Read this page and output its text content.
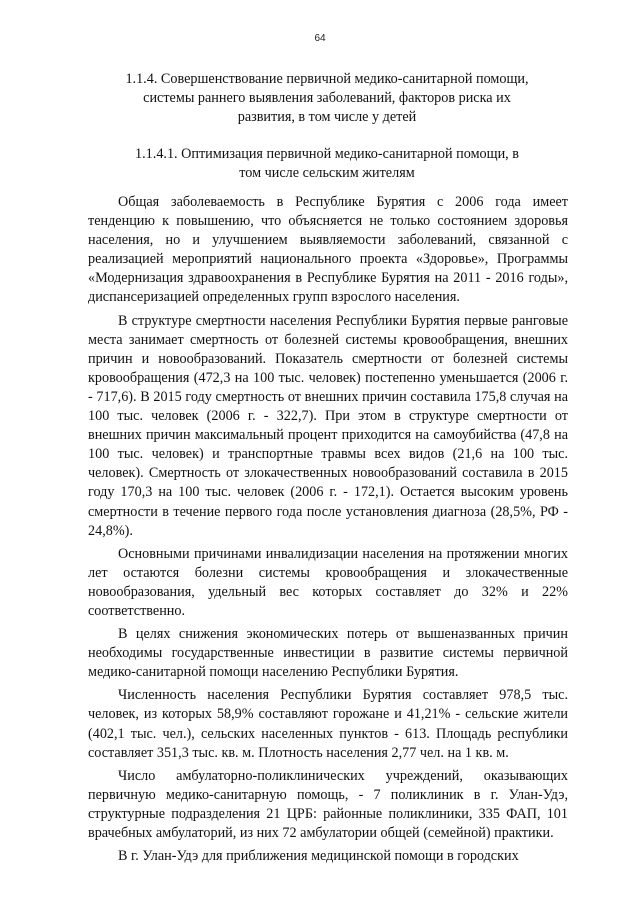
64
1.1.4. Совершенствование первичной медико-санитарной помощи,
системы раннего выявления заболеваний, факторов риска их
развития, в том числе у детей
1.1.4.1. Оптимизация первичной медико-санитарной помощи, в
том числе сельским жителям

Общая заболеваемость в Республике Бурятия с 2006 года имеет тенденцию к повышению, что объясняется не только состоянием здоровья населения, но и улучшением выявляемости заболеваний, связанной с реализацией мероприятий национального проекта «Здоровье», Программы «Модернизация здравоохранения в Республике Бурятия на 2011 - 2016 годы», диспансеризацией определенных групп взрослого населения.

В структуре смертности населения Республики Бурятия первые ранговые места занимает смертность от болезней системы кровообращения, внешних причин и новообразований. Показатель смертности от болезней системы кровообращения (472,3 на 100 тыс. человек) постепенно уменьшается (2006 г. - 717,6). В 2015 году смертность от внешних причин составила 175,8 случая на 100 тыс. человек (2006 г. - 322,7). При этом в структуре смертности от внешних причин максимальный процент приходится на самоубийства (47,8 на 100 тыс. человек) и транспортные травмы всех видов (21,6 на 100 тыс. человек). Смертность от злокачественных новообразований составила в 2015 году 170,3 на 100 тыс. человек (2006 г. - 172,1). Остается высоким уровень смертности в течение первого года после установления диагноза (28,5%, РФ - 24,8%).

Основными причинами инвалидизации населения на протяжении многих лет остаются болезни системы кровообращения и злокачественные новообразования, удельный вес которых составляет до 32% и 22% соответственно.

В целях снижения экономических потерь от вышеназванных причин необходимы государственные инвестиции в развитие системы первичной медико-санитарной помощи населению Республики Бурятия.

Численность населения Республики Бурятия составляет 978,5 тыс. человек, из которых 58,9% составляют горожане и 41,21% - сельские жители (402,1 тыс. чел.), сельских населенных пунктов - 613. Площадь республики составляет 351,3 тыс. кв. м. Плотность населения 2,77 чел. на 1 кв. м.

Число амбулаторно-поликлинических учреждений, оказывающих первичную медико-санитарную помощь, - 7 поликлиник в г. Улан-Удэ, структурные подразделения 21 ЦРБ: районные поликлиники, 335 ФАП, 101 врачебных амбулаторий, из них 72 амбулатории общей (семейной) практики.

В г. Улан-Удэ для приближения медицинской помощи в городских
